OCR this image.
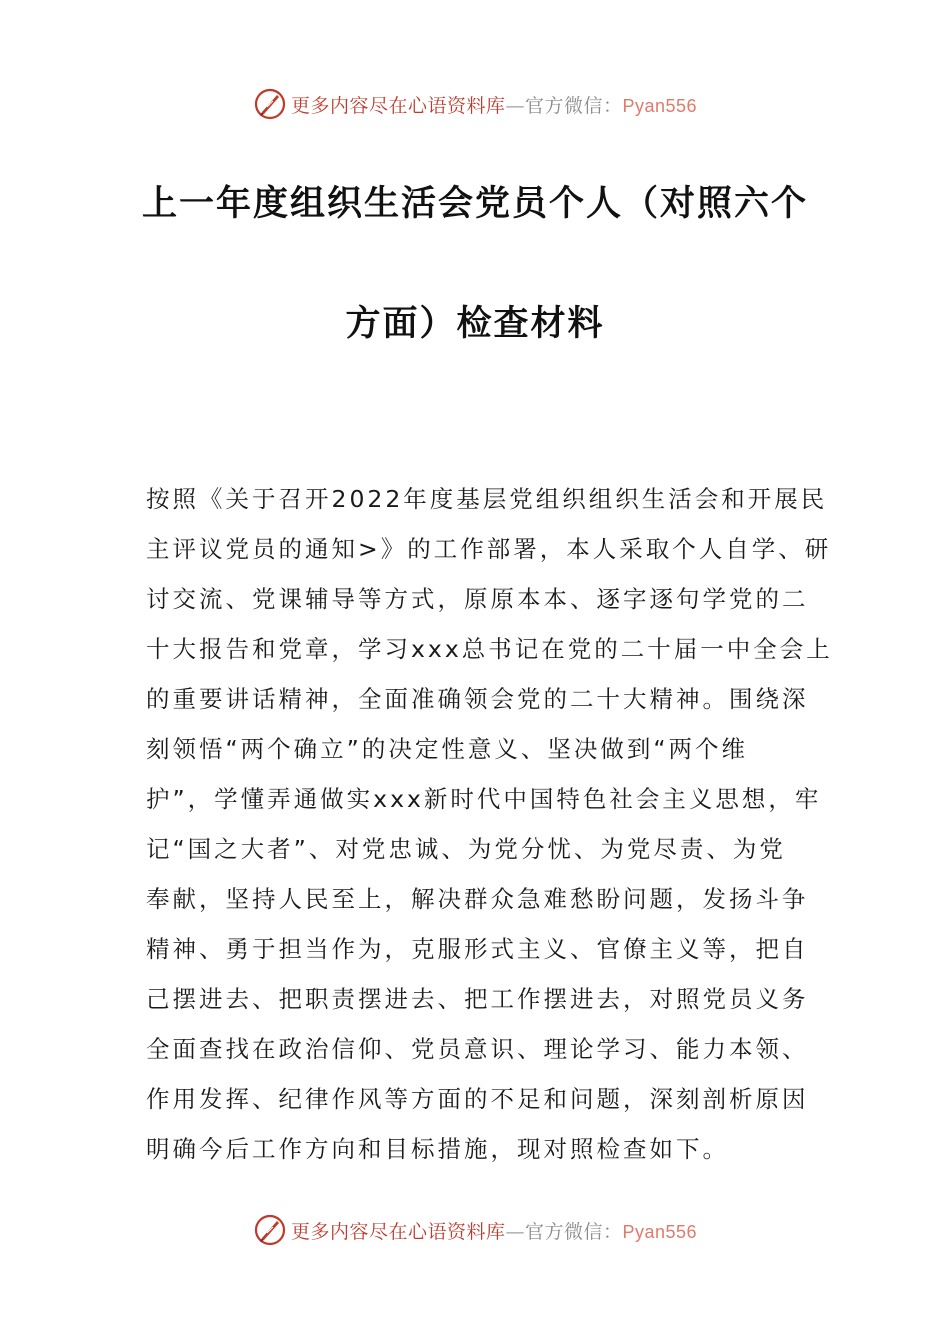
更多内容尽在心语资料库—官方微信：Pyan556
上一年度组织生活会党员个人（对照六个
方面）检查材料
按照《关于召开2022年度基层党组织组织生活会和开展民
主评议党员的通知>》的工作部署，本人采取个人自学、研
讨交流、党课辅导等方式，原原本本、逐字逐句学党的二
十大报告和党章，学习xxx总书记在党的二十届一中全会上
的重要讲话精神，全面准确领会党的二十大精神。围绕深
刻领悟“两个确立”的决定性意义、坚决做到“两个维
护”，学懂弄通做实xxx新时代中国特色社会主义思想，牢
记“国之大者”、对党忠诚、为党分忧、为党尽责、为党
奉献，坚持人民至上，解决群众急难愁盼问题，发扬斗争
精神、勇于担当作为，克服形式主义、官僚主义等，把自
己摆进去、把职责摆进去、把工作摆进去，对照党员义务
全面查找在政治信仰、党员意识、理论学习、能力本领、
作用发挥、纪律作风等方面的不足和问题，深刻剖析原因
明确今后工作方向和目标措施，现对照检查如下。
更多内容尽在心语资料库—官方微信：Pyan556
